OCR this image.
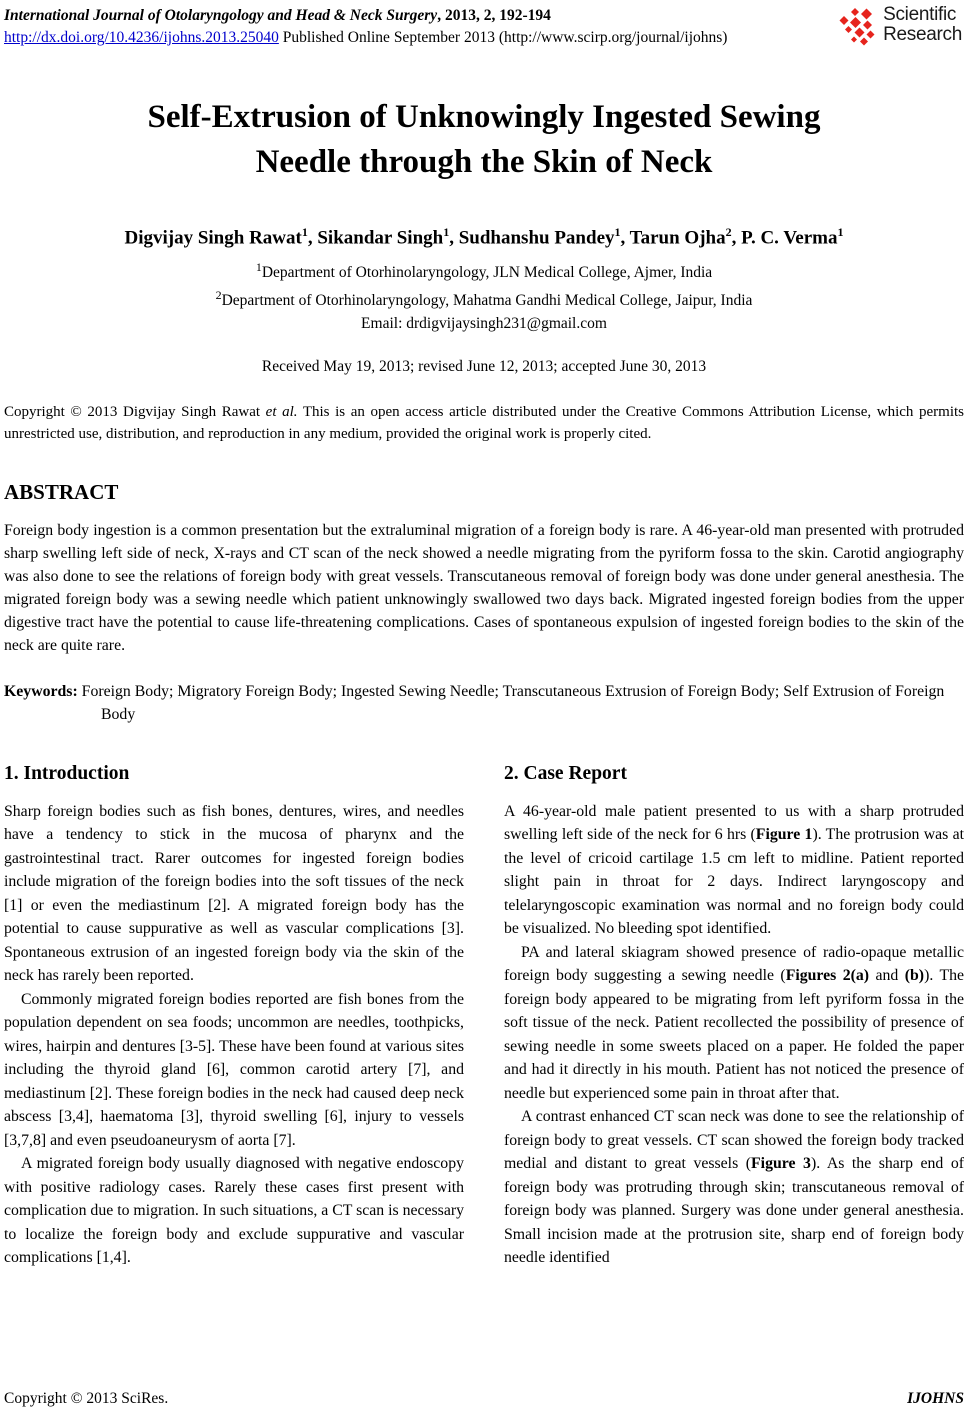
International Journal of Otolaryngology and Head & Neck Surgery, 2013, 2, 192-194
http://dx.doi.org/10.4236/ijohns.2013.25040 Published Online September 2013 (http://www.scirp.org/journal/ijohns)
Scientific
Research
Self-Extrusion of Unknowingly Ingested Sewing
Needle through the Skin of Neck
Digvijay Singh Rawat$^1$, Sikandar Singh$^1$, Sudhanshu Pandey$^1$, Tarun Ojha$^2$, P. C. Verma$^1$
$^1$Department of Otorhinolaryngology, JLN Medical College, Ajmer, India
$^2$Department of Otorhinolaryngology, Mahatma Gandhi Medical College, Jaipur, India
Email: drdigvijaysingh231@gmail.com
Received May 19, 2013; revised June 12, 2013; accepted June 30, 2013
Copyright © 2013 Digvijay Singh Rawat et al. This is an open access article distributed under the Creative Commons Attribution License, which permits unrestricted use, distribution, and reproduction in any medium, provided the original work is properly cited.
ABSTRACT
Foreign body ingestion is a common presentation but the extraluminal migration of a foreign body is rare. A 46-year-old man presented with protruded sharp swelling left side of neck, X-rays and CT scan of the neck showed a needle migrating from the pyriform fossa to the skin. Carotid angiography was also done to see the relations of foreign body with great vessels. Transcutaneous removal of foreign body was done under general anesthesia. The migrated foreign body was a sewing needle which patient unknowingly swallowed two days back. Migrated ingested foreign bodies from the upper digestive tract have the potential to cause life-threatening complications. Cases of spontaneous expulsion of ingested foreign bodies to the skin of the neck are quite rare.
Keywords: Foreign Body; Migratory Foreign Body; Ingested Sewing Needle; Transcutaneous Extrusion of Foreign Body; Self Extrusion of Foreign Body
1. Introduction

Sharp foreign bodies such as fish bones, dentures, wires, and needles have a tendency to stick in the mucosa of pharynx and the gastrointestinal tract. Rarer outcomes for ingested foreign bodies include migration of the foreign bodies into the soft tissues of the neck [1] or even the mediastinum [2]. A migrated foreign body has the potential to cause suppurative as well as vascular complications [3]. Spontaneous extrusion of an ingested foreign body via the skin of the neck has rarely been reported.

Commonly migrated foreign bodies reported are fish bones from the population dependent on sea foods; uncommon are needles, toothpicks, wires, hairpin and dentures [3-5]. These have been found at various sites including the thyroid gland [6], common carotid artery [7], and mediastinum [2]. These foreign bodies in the neck had caused deep neck abscess [3,4], haematoma [3], thyroid swelling [6], injury to vessels [3,7,8] and even pseudoaneurysm of aorta [7].

A migrated foreign body usually diagnosed with negative endoscopy with positive radiology cases. Rarely these cases first present with complication due to migration. In such situations, a CT scan is necessary to localize the foreign body and exclude suppurative and vascular complications [1,4].

2. Case Report

A 46-year-old male patient presented to us with a sharp protruded swelling left side of the neck for 6 hrs (Figure 1). The protrusion was at the level of cricoid cartilage 1.5 cm left to midline. Patient reported slight pain in throat for 2 days. Indirect laryngoscopy and telelaryngoscopic examination was normal and no foreign body could be visualized. No bleeding spot identified.

PA and lateral skiagram showed presence of radio-opaque metallic foreign body suggesting a sewing needle (Figures 2(a) and (b)). The foreign body appeared to be migrating from left pyriform fossa in the soft tissue of the neck. Patient recollected the possibility of presence of sewing needle in some sweets placed on a paper. He folded the paper and had it directly in his mouth. Patient has not noticed the presence of needle but experienced some pain in throat after that.

A contrast enhanced CT scan neck was done to see the relationship of foreign body to great vessels. CT scan showed the foreign body tracked medial and distant to great vessels (Figure 3). As the sharp end of foreign body was protruding through skin; transcutaneous removal of foreign body was planned. Surgery was done under general anesthesia. Small incision made at the protrusion site, sharp end of foreign body needle identified

Copyright © 2013 SciRes.	IJOHNS
